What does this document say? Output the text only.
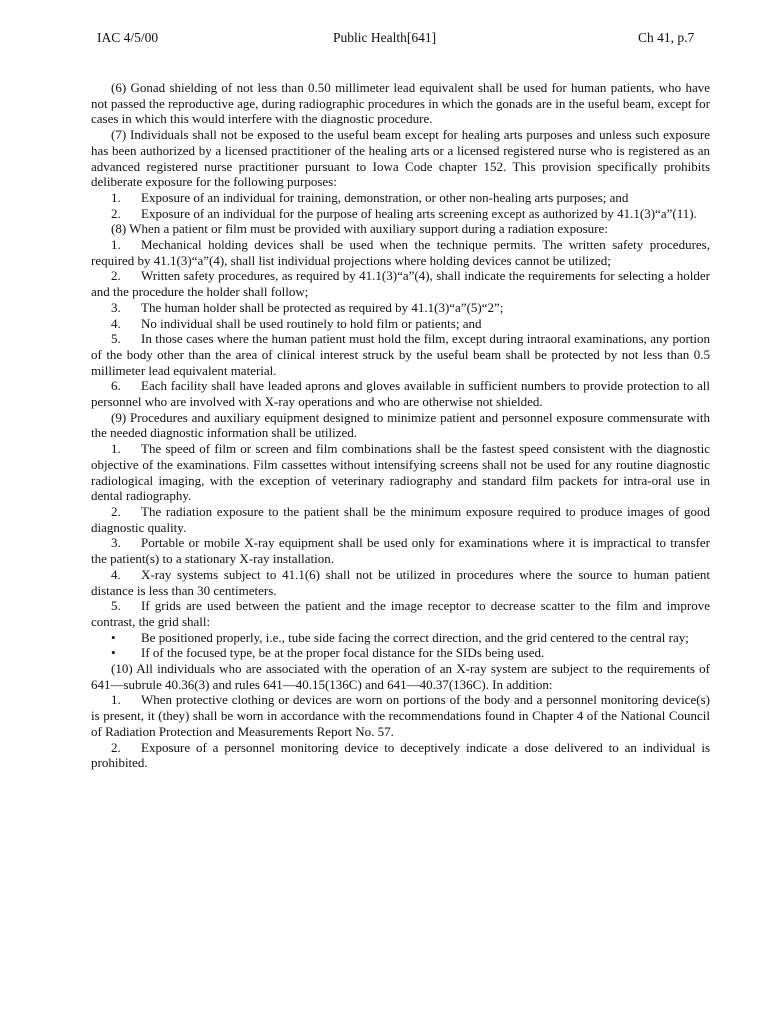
IAC 4/5/00	Public Health[641]	Ch 41, p.7

(6) Gonad shielding of not less than 0.50 millimeter lead equivalent shall be used for human patients, who have not passed the reproductive age, during radiographic procedures in which the gonads are in the useful beam, except for cases in which this would interfere with the diagnostic procedure.

(7) Individuals shall not be exposed to the useful beam except for healing arts purposes and unless such exposure has been authorized by a licensed practitioner of the healing arts or a licensed registered nurse who is registered as an advanced registered nurse practitioner pursuant to Iowa Code chapter 152. This provision specifically prohibits deliberate exposure for the following purposes:

1. Exposure of an individual for training, demonstration, or other non-healing arts purposes; and

2. Exposure of an individual for the purpose of healing arts screening except as authorized by 41.1(3)“a”(11).

(8) When a patient or film must be provided with auxiliary support during a radiation exposure:

1. Mechanical holding devices shall be used when the technique permits. The written safety procedures, required by 41.1(3)“a”(4), shall list individual projections where holding devices cannot be utilized;

2. Written safety procedures, as required by 41.1(3)“a”(4), shall indicate the requirements for selecting a holder and the procedure the holder shall follow;

3. The human holder shall be protected as required by 41.1(3)“a”(5)“2”;

4. No individual shall be used routinely to hold film or patients; and

5. In those cases where the human patient must hold the film, except during intraoral examinations, any portion of the body other than the area of clinical interest struck by the useful beam shall be protected by not less than 0.5 millimeter lead equivalent material.

6. Each facility shall have leaded aprons and gloves available in sufficient numbers to provide protection to all personnel who are involved with X-ray operations and who are otherwise not shielded.

(9) Procedures and auxiliary equipment designed to minimize patient and personnel exposure commensurate with the needed diagnostic information shall be utilized.

1. The speed of film or screen and film combinations shall be the fastest speed consistent with the diagnostic objective of the examinations. Film cassettes without intensifying screens shall not be used for any routine diagnostic radiological imaging, with the exception of veterinary radiography and standard film packets for intra-oral use in dental radiography.

2. The radiation exposure to the patient shall be the minimum exposure required to produce images of good diagnostic quality.

3. Portable or mobile X-ray equipment shall be used only for examinations where it is impractical to transfer the patient(s) to a stationary X-ray installation.

4. X-ray systems subject to 41.1(6) shall not be utilized in procedures where the source to human patient distance is less than 30 centimeters.

5. If grids are used between the patient and the image receptor to decrease scatter to the film and improve contrast, the grid shall:

• Be positioned properly, i.e., tube side facing the correct direction, and the grid centered to the central ray;

• If of the focused type, be at the proper focal distance for the SIDs being used.

(10) All individuals who are associated with the operation of an X-ray system are subject to the requirements of 641—subrule 40.36(3) and rules 641—40.15(136C) and 641—40.37(136C). In addition:

1. When protective clothing or devices are worn on portions of the body and a personnel monitoring device(s) is present, it (they) shall be worn in accordance with the recommendations found in Chapter 4 of the National Council of Radiation Protection and Measurements Report No. 57.

2. Exposure of a personnel monitoring device to deceptively indicate a dose delivered to an individual is prohibited.
